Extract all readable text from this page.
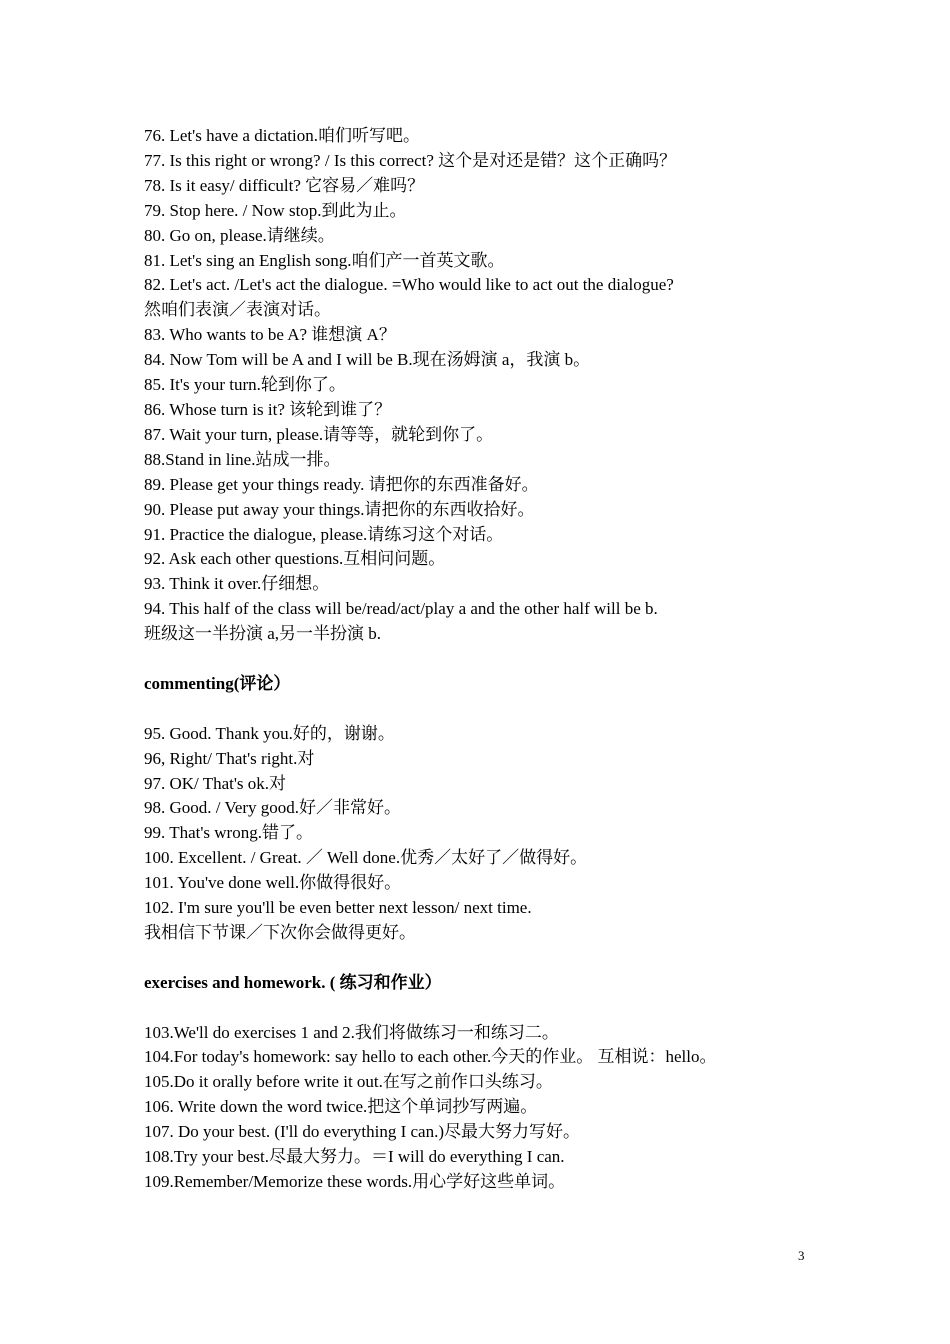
76. Let's have a dictation.咱们听写吧。
77. Is this right or wrong? / Is this correct? 这个是对还是错？这个正确吗？
78. Is it easy/ difficult? 它容易／难吗？
79. Stop here. / Now stop.到此为止。
80. Go on, please.请继续。
81. Let's sing an English song.咱们产一首英文歌。
82. Let's act. /Let's act the dialogue. =Who would like to act out the dialogue?
然咱们表演／表演对话。
83. Who wants to be A? 谁想演 A？
84. Now Tom will be A and I will be B.现在汤姆演 a，我演 b。
85. It's your turn.轮到你了。
86. Whose turn is it? 该轮到谁了？
87. Wait your turn, please.请等等，就轮到你了。
88.Stand in line.站成一排。
89. Please get your things ready. 请把你的东西准备好。
90. Please put away your things.请把你的东西收拾好。
91. Practice the dialogue, please.请练习这个对话。
92. Ask each other questions.互相问问题。
93. Think it over.仔细想。
94. This half of the class will be/read/act/play a and the other half will be b.
班级这一半扮演 a,另一半扮演 b.
commenting(评论）
95. Good. Thank you.好的，谢谢。
96, Right/ That's right.对
97. OK/ That's ok.对
98. Good. / Very good.好／非常好。
99. That's wrong.错了。
100. Excellent. / Great. ／ Well done.优秀／太好了／做得好。
101. You've done well.你做得很好。
102. I'm sure you'll be even better next lesson/ next time.
我相信下节课／下次你会做得更好。
exercises and homework. ( 练习和作业）
103.We'll do exercises 1 and 2.我们将做练习一和练习二。
104.For today's homework: say hello to each other.今天的作业。 互相说：hello。
105.Do it orally before write it out.在写之前作口头练习。
106. Write down the word twice.把这个单词抄写两遍。
107. Do your best. (I'll do everything I can.)尽最大努力写好。
108.Try your best.尽最大努力。＝I will do everything I can.
109.Remember/Memorize these words.用心学好这些单词。
3
